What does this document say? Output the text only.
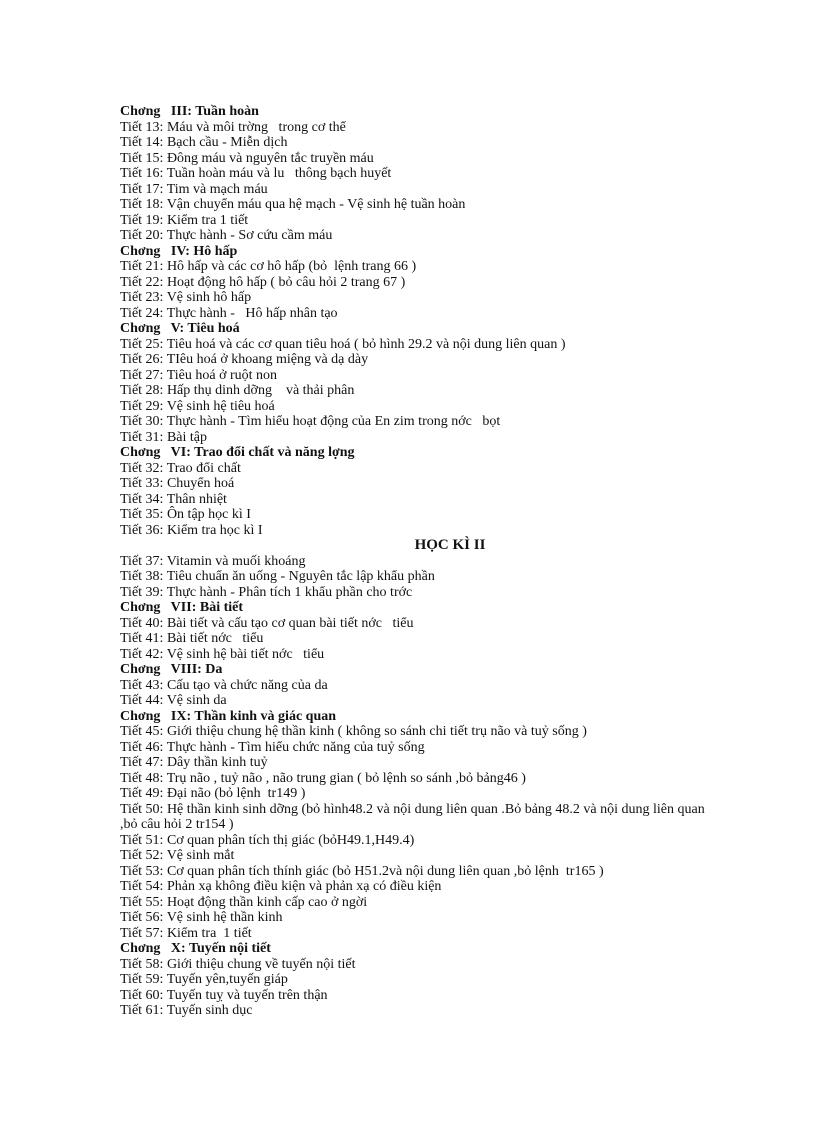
Chơng   III: Tuần hoàn
Tiết 13: Máu và môi trờng   trong cơ thể
Tiết 14: Bạch cầu - Miễn dịch
Tiết 15: Đông máu và nguyên tắc truyền máu
Tiết 16: Tuần hoàn máu và lu   thông bạch huyết
Tiết 17: Tim và mạch máu
Tiết 18: Vận chuyển máu qua hệ mạch - Vệ sinh hệ tuần hoàn
Tiết 19: Kiểm tra 1 tiết
Tiết 20: Thực hành - Sơ cứu cầm máu
Chơng   IV: Hô hấp
Tiết 21: Hô hấp và các cơ hô hấp (bỏ  lệnh trang 66 )
Tiết 22: Hoạt động hô hấp ( bỏ câu hỏi 2 trang 67 )
Tiết 23: Vệ sinh hô hấp
Tiết 24: Thực hành -   Hô hấp nhân tạo
Chơng   V: Tiêu hoá
Tiết 25: Tiêu hoá và các cơ quan tiêu hoá ( bỏ hình 29.2 và nội dung liên quan )
Tiết 26: TIêu hoá ở khoang miệng và dạ dày
Tiết 27: Tiêu hoá ở ruột non
Tiết 28: Hấp thụ dinh dỡng    và thải phân
Tiết 29: Vệ sinh hệ tiêu hoá
Tiết 30: Thực hành - Tìm hiểu hoạt động của En zim trong nớc   bọt
Tiết 31: Bài tập
Chơng   VI: Trao đổi chất và năng lợng
Tiết 32: Trao đổi chất
Tiết 33: Chuyển hoá
Tiết 34: Thân nhiệt
Tiết 35: Ôn tập học kì I
Tiết 36: Kiểm tra học kì I
HỌC KÌ II
Tiết 37: Vitamin và muối khoáng
Tiết 38: Tiêu chuẩn ăn uống - Nguyên tắc lập khẩu phần
Tiết 39: Thực hành - Phân tích 1 khẩu phần cho trớc
Chơng   VII: Bài tiết
Tiết 40: Bài tiết và cấu tạo cơ quan bài tiết nớc   tiểu
Tiết 41: Bài tiết nớc   tiểu
Tiết 42: Vệ sinh hệ bài tiết nớc   tiểu
Chơng   VIII: Da
Tiết 43: Cấu tạo và chức năng của da
Tiết 44: Vệ sinh da
Chơng   IX: Thần kinh và giác quan
Tiết 45: Giới thiệu chung hệ thần kinh ( không so sánh chi tiết trụ não và tuỷ sống )
Tiết 46: Thực hành - Tìm hiểu chức năng của tuỷ sống
Tiết 47: Dây thần kinh tuỷ
Tiết 48: Trụ não , tuỷ não , não trung gian ( bỏ lệnh so sánh ,bỏ bảng46 )
Tiết 49: Đại não (bỏ lệnh  tr149 )
Tiết 50: Hệ thần kinh sinh dỡng (bỏ hình48.2 và nội dung liên quan .Bỏ bảng 48.2 và nội dung liên quan ,bỏ câu hỏi 2 tr154 )
Tiết 51: Cơ quan phân tích thị giác (bỏH49.1,H49.4)
Tiết 52: Vệ sinh mắt
Tiết 53: Cơ quan phân tích thính giác (bỏ H51.2và nội dung liên quan ,bỏ lệnh  tr165 )
Tiết 54: Phản xạ không điều kiện và phản xạ có điều kiện
Tiết 55: Hoạt động thần kinh cấp cao ở ngời
Tiết 56: Vệ sinh hệ thần kinh
Tiết 57: Kiểm tra  1 tiết
Chơng   X: Tuyến nội tiết
Tiết 58: Giới thiệu chung về tuyến nội tiết
Tiết 59: Tuyến yên,tuyến giáp
Tiết 60: Tuyến tuỵ và tuyến trên thận
Tiết 61: Tuyến sinh dục
